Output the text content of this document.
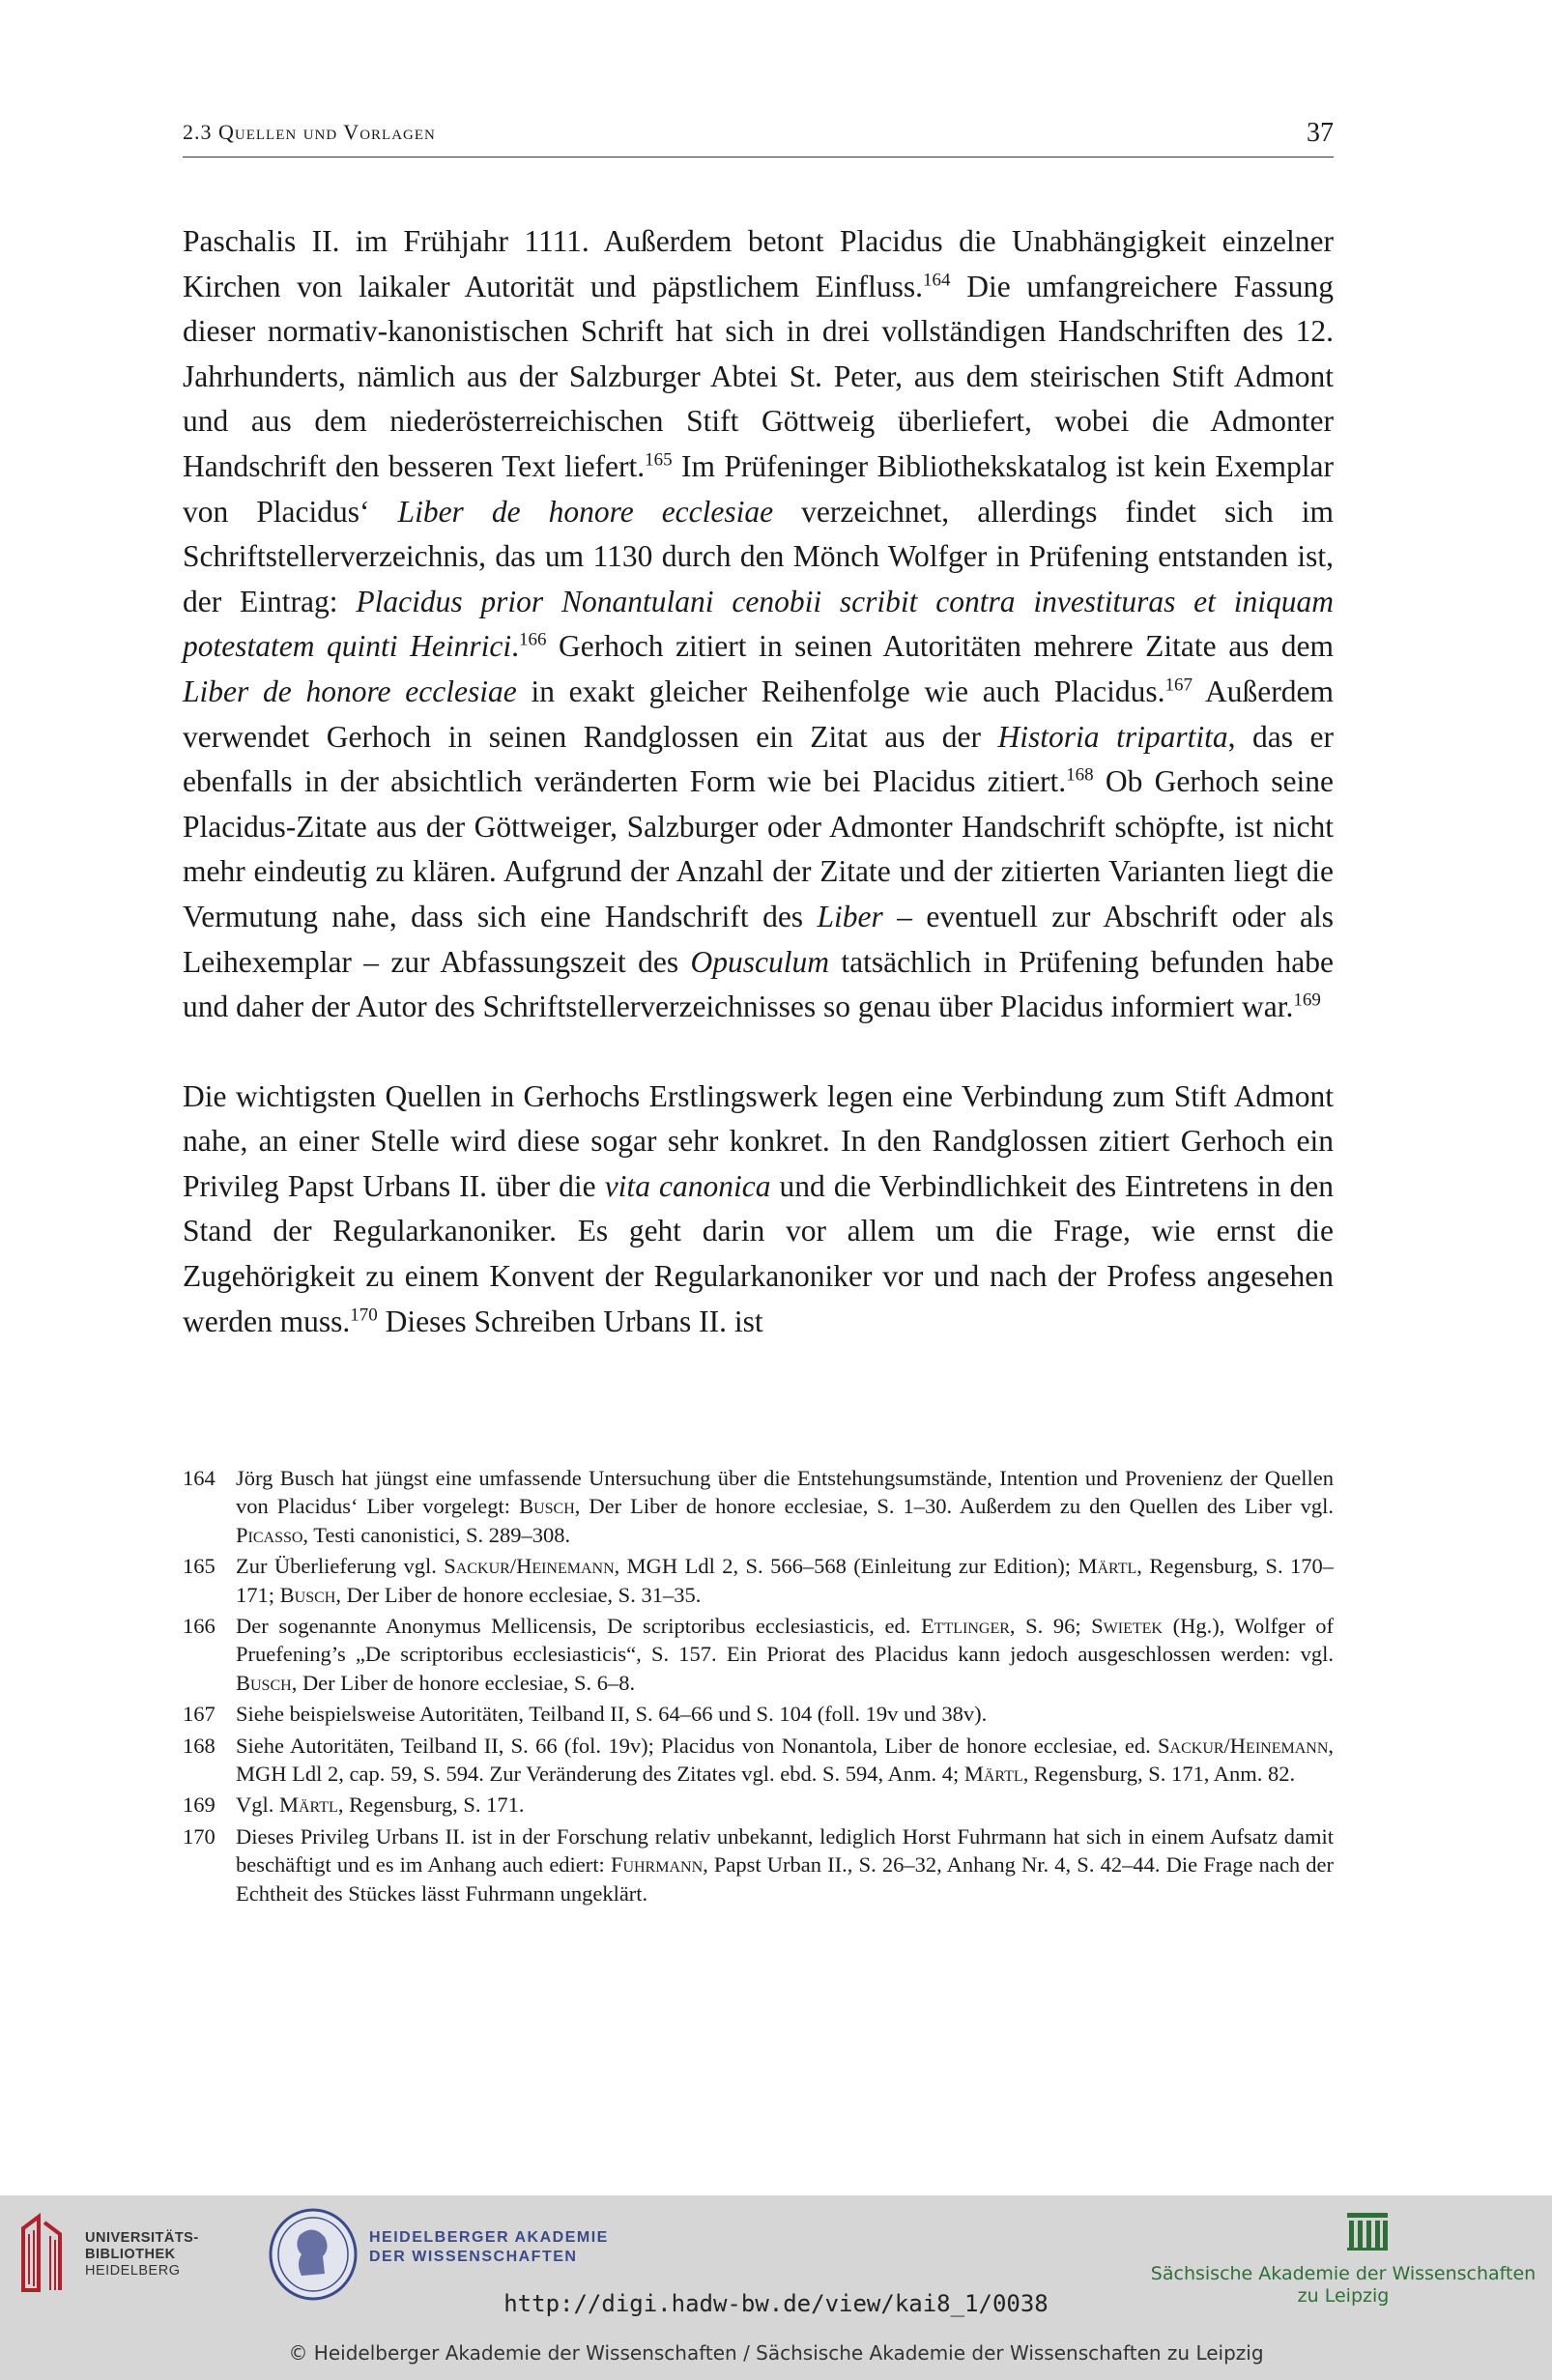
2.3 Quellen und Vorlagen	37

Paschalis II. im Frühjahr 1111. Außerdem betont Placidus die Unabhängigkeit einzelner Kirchen von laikaler Autorität und päpstlichem Einfluss.$^{164}$ Die umfangreichere Fassung dieser normativ-kanonistischen Schrift hat sich in drei vollständigen Handschriften des 12. Jahrhunderts, nämlich aus der Salzburger Abtei St. Peter, aus dem steirischen Stift Admont und aus dem niederösterreichischen Stift Göttweig überliefert, wobei die Admonter Handschrift den besseren Text liefert.$^{165}$ Im Prüfeninger Bibliothekskatalog ist kein Exemplar von Placidus‘ Liber de honore ecclesiae verzeichnet, allerdings findet sich im Schriftstellerverzeichnis, das um 1130 durch den Mönch Wolfger in Prüfening entstanden ist, der Eintrag: Placidus prior Nonantulani cenobii scribit contra investituras et iniquam potestatem quinti Heinrici.$^{166}$ Gerhoch zitiert in seinen Autoritäten mehrere Zitate aus dem Liber de honore ecclesiae in exakt gleicher Reihenfolge wie auch Placidus.$^{167}$ Außerdem verwendet Gerhoch in seinen Randglossen ein Zitat aus der Historia tripartita, das er ebenfalls in der absichtlich veränderten Form wie bei Placidus zitiert.$^{168}$ Ob Gerhoch seine Placidus-Zitate aus der Göttweiger, Salzburger oder Admonter Handschrift schöpfte, ist nicht mehr eindeutig zu klären. Aufgrund der Anzahl der Zitate und der zitierten Varianten liegt die Vermutung nahe, dass sich eine Handschrift des Liber – eventuell zur Abschrift oder als Leihexemplar – zur Abfassungszeit des Opusculum tatsächlich in Prüfening befunden habe und daher der Autor des Schriftstellerverzeichnisses so genau über Placidus informiert war.$^{169}$

Die wichtigsten Quellen in Gerhochs Erstlingswerk legen eine Verbindung zum Stift Admont nahe, an einer Stelle wird diese sogar sehr konkret. In den Randglossen zitiert Gerhoch ein Privileg Papst Urbans II. über die vita canonica und die Verbindlichkeit des Eintretens in den Stand der Regularkanoniker. Es geht darin vor allem um die Frage, wie ernst die Zugehörigkeit zu einem Konvent der Regularkanoniker vor und nach der Profess angesehen werden muss.$^{170}$ Dieses Schreiben Urbans II. ist

164 Jörg Busch hat jüngst eine umfassende Untersuchung über die Entstehungsumstände, Intention und Provenienz der Quellen von Placidus‘ Liber vorgelegt: Busch, Der Liber de honore ecclesiae, S. 1–30. Außerdem zu den Quellen des Liber vgl. Picasso, Testi canonistici, S. 289–308.

165 Zur Überlieferung vgl. Sackur/Heinemann, MGH Ldl 2, S. 566–568 (Einleitung zur Edition); Märtl, Regensburg, S. 170–171; Busch, Der Liber de honore ecclesiae, S. 31–35.

166 Der sogenannte Anonymus Mellicensis, De scriptoribus ecclesiasticis, ed. Ettlinger, S. 96; Swietek (Hg.), Wolfger of Pruefening’s „De scriptoribus ecclesiasticis“, S. 157. Ein Priorat des Placidus kann jedoch ausgeschlossen werden: vgl. Busch, Der Liber de honore ecclesiae, S. 6–8.

167 Siehe beispielsweise Autoritäten, Teilband II, S. 64–66 und S. 104 (foll. 19v und 38v).

168 Siehe Autoritäten, Teilband II, S. 66 (fol. 19v); Placidus von Nonantola, Liber de honore ecclesiae, ed. Sackur/Heinemann, MGH Ldl 2, cap. 59, S. 594. Zur Veränderung des Zitates vgl. ebd. S. 594, Anm. 4; Märtl, Regensburg, S. 171, Anm. 82.

169 Vgl. Märtl, Regensburg, S. 171.

170 Dieses Privileg Urbans II. ist in der Forschung relativ unbekannt, lediglich Horst Fuhrmann hat sich in einem Aufsatz damit beschäftigt und es im Anhang auch ediert: Fuhrmann, Papst Urban II., S. 26–32, Anhang Nr. 4, S. 42–44. Die Frage nach der Echtheit des Stückes lässt Fuhrmann ungeklärt.

UNIVERSITÄTS-
BIBLIOTHEK
HEIDELBERG
HEIDELBERGER AKADEMIE
DER WISSENSCHAFTEN
Sächsische Akademie der Wissenschaften
zu Leipzig
http://digi.hadw-bw.de/view/kai8_1/0038
© Heidelberger Akademie der Wissenschaften / Sächsische Akademie der Wissenschaften zu Leipzig
